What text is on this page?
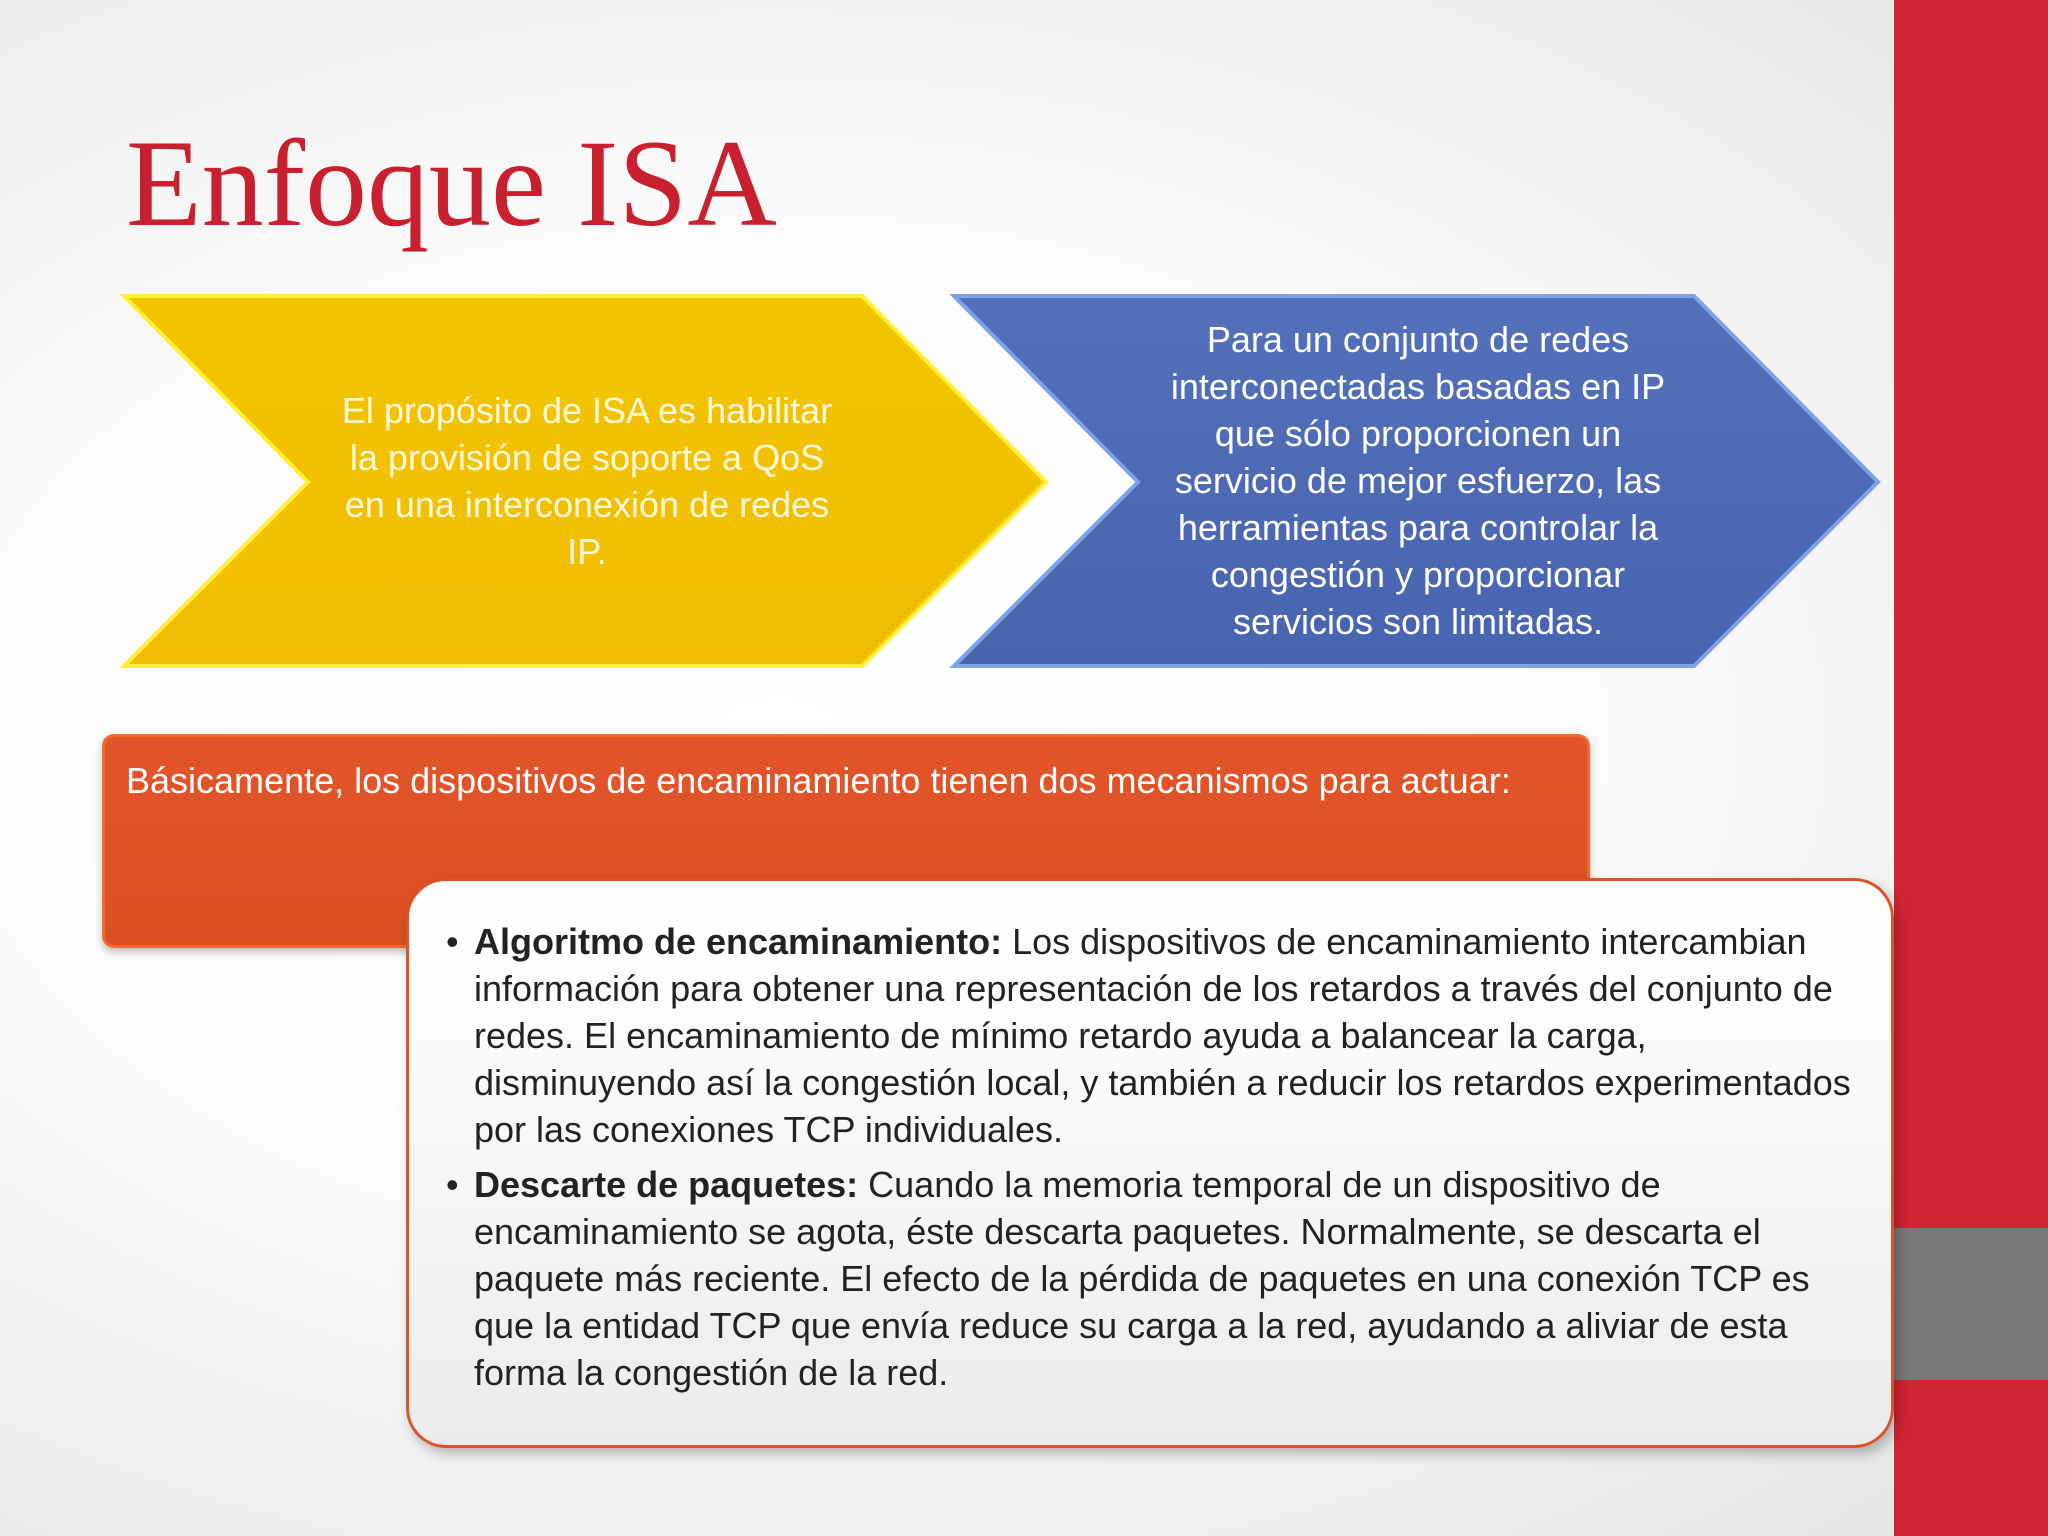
Enfoque ISA
El propósito de ISA es habilitar
la provisión de soporte a QoS
en una interconexión de redes
IP.
Para un conjunto de redes
interconectadas basadas en IP
que sólo proporcionen un
servicio de mejor esfuerzo, las
herramientas para controlar la
congestión y proporcionar
servicios son limitadas.
Básicamente, los dispositivos de encaminamiento tienen dos mecanismos para actuar:
• Algoritmo de encaminamiento: Los dispositivos de encaminamiento intercambian información para obtener una representación de los retardos a través del conjunto de redes. El encaminamiento de mínimo retardo ayuda a balancear la carga, disminuyendo así la congestión local, y también a reducir los retardos experimentados por las conexiones TCP individuales.
• Descarte de paquetes: Cuando la memoria temporal de un dispositivo de encaminamiento se agota, éste descarta paquetes. Normalmente, se descarta el paquete más reciente. El efecto de la pérdida de paquetes en una conexión TCP es que la entidad TCP que envía reduce su carga a la red, ayudando a aliviar de esta forma la congestión de la red.
